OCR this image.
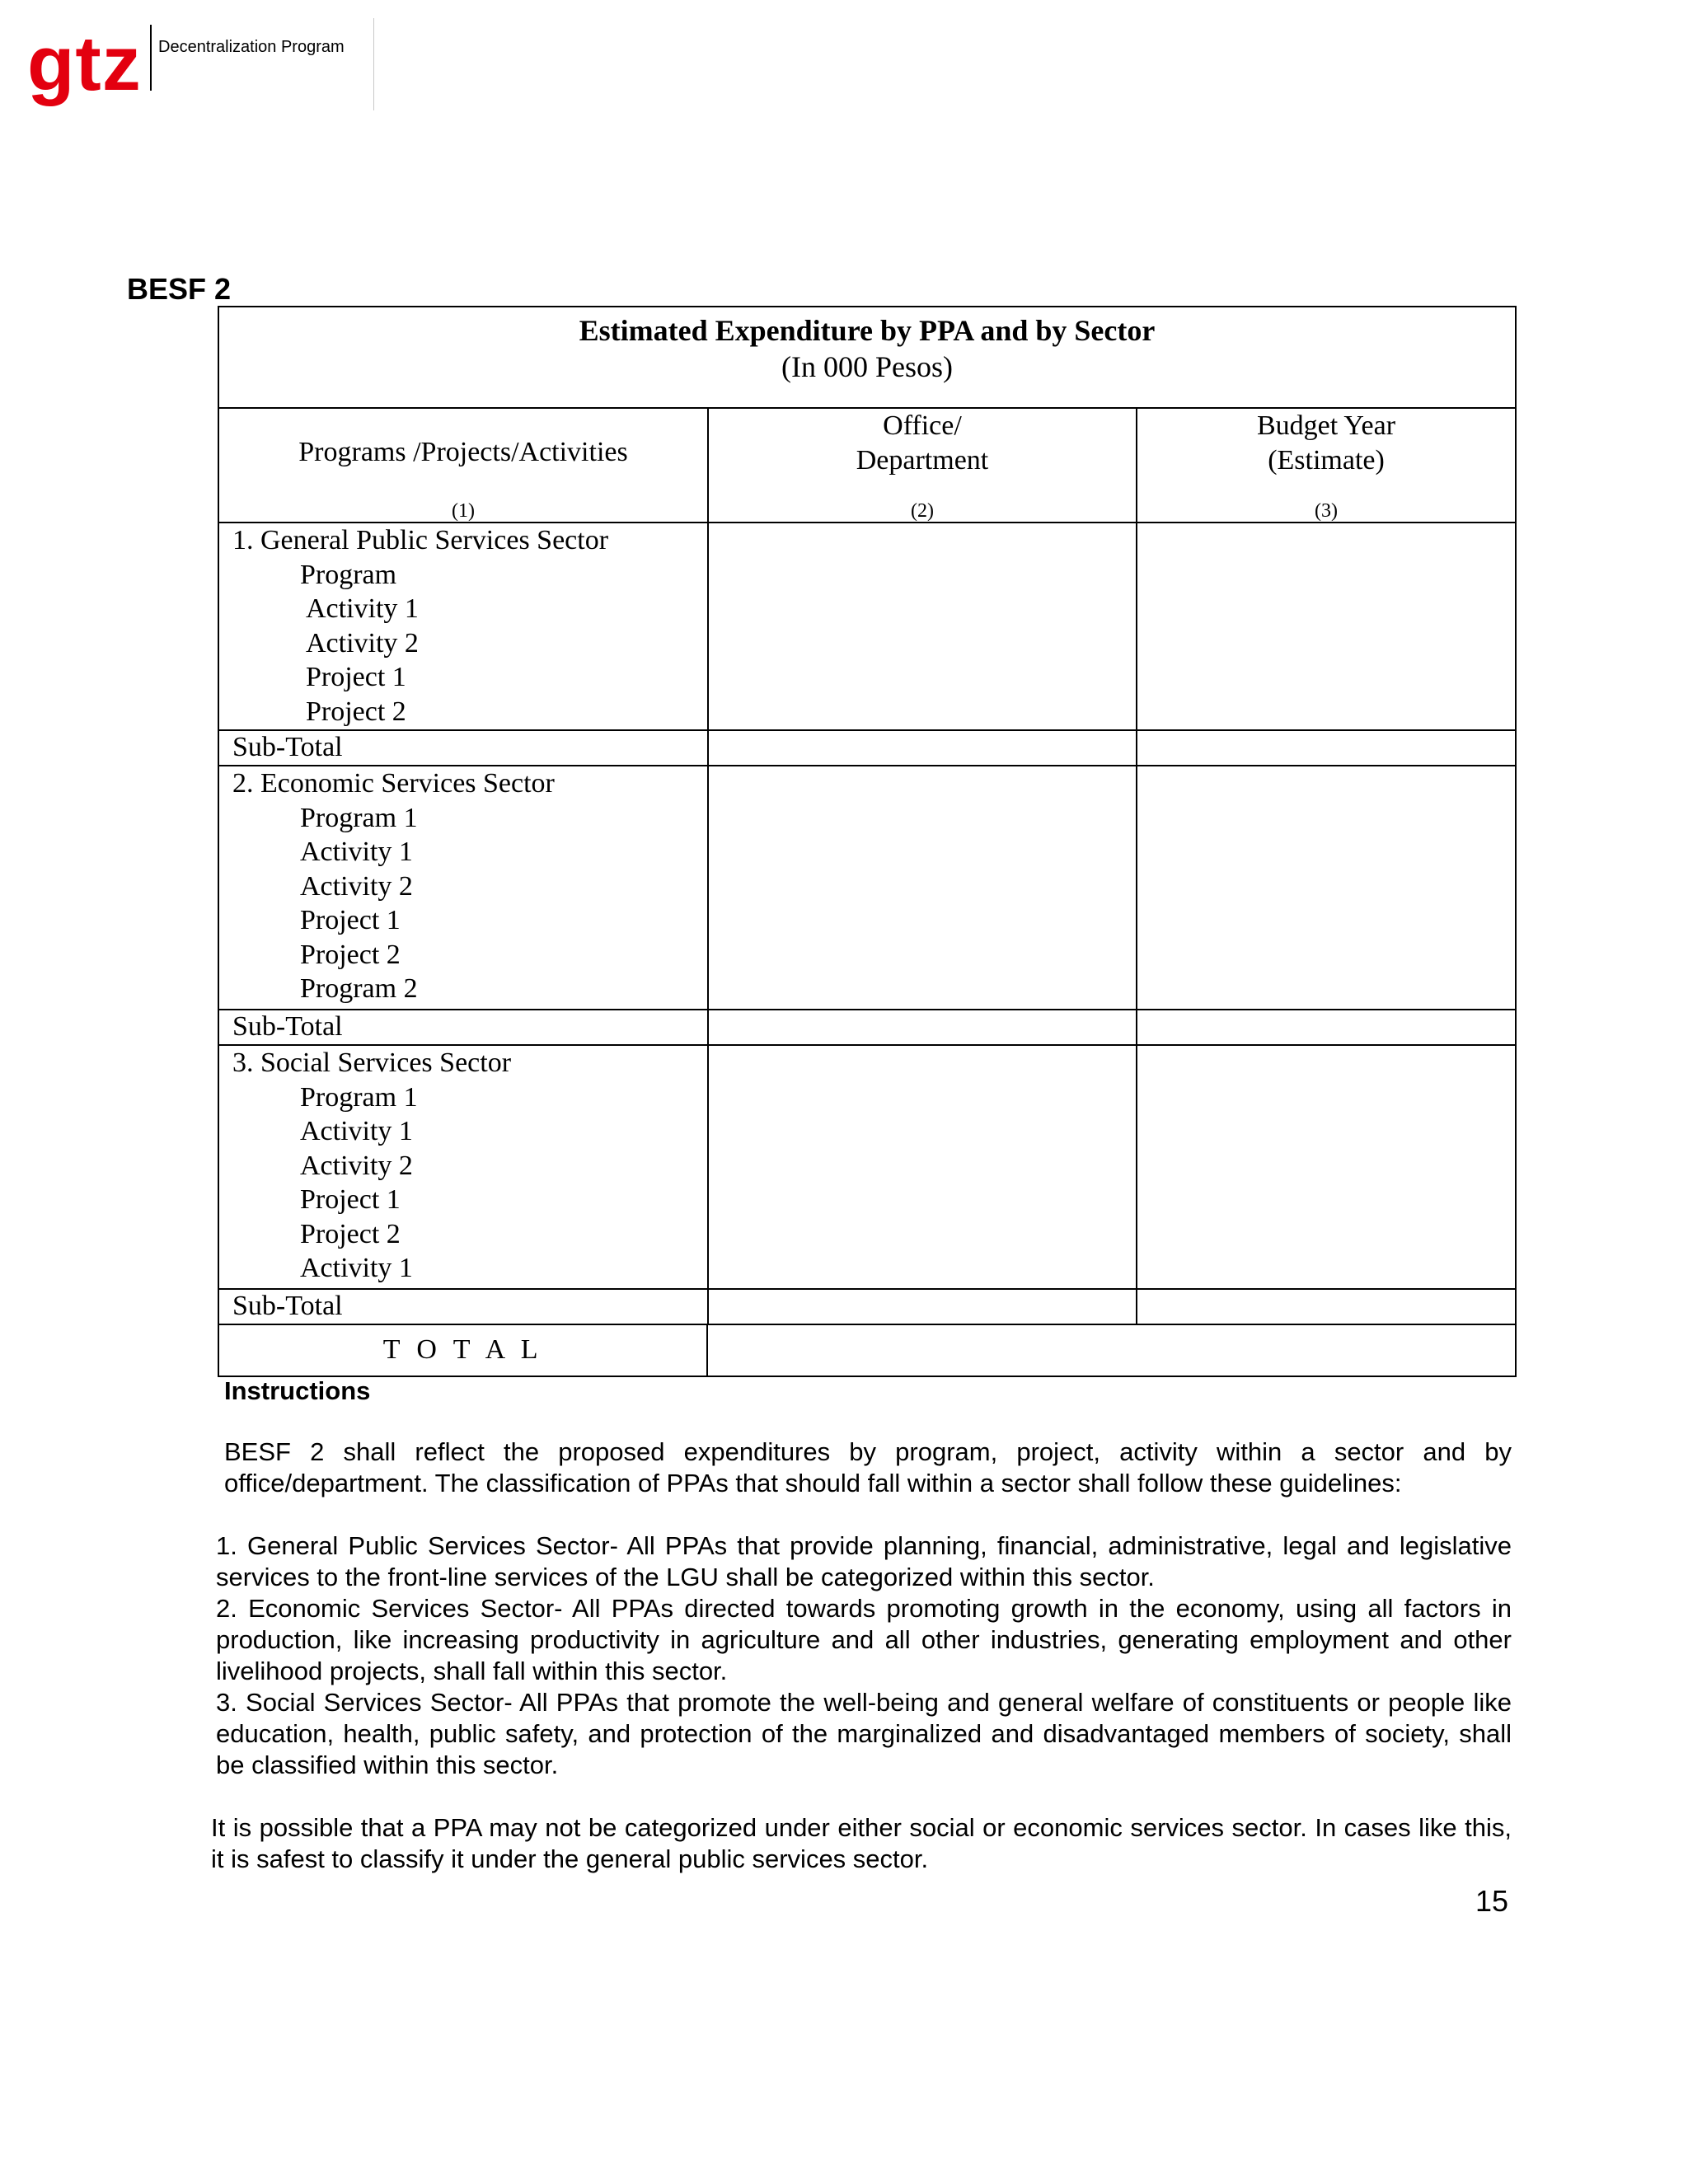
gtz Decentralization Program
BESF 2
Estimated Expenditure by PPA and by Sector
(In 000 Pesos)
Programs /Projects/Activities
(1)
Office/
Department
(2)
Budget Year
(Estimate)
(3)
1. General Public Services Sector
Program
Activity 1
Activity 2
Project 1
Project 2
Sub-Total
2. Economic Services Sector
Program 1
Activity 1
Activity 2
Project 1
Project 2
Program 2
Sub-Total
3. Social Services Sector
Program 1
Activity 1
Activity 2
Project 1
Project 2
Activity 1
Sub-Total
T O T A L
Instructions

BESF 2 shall reflect the proposed expenditures by program, project, activity within a sector and by office/department. The classification of PPAs that should fall within a sector shall follow these guidelines:

1. General Public Services Sector- All PPAs that provide planning, financial, administrative, legal and legislative services to the front-line services of the LGU shall be categorized within this sector.

2. Economic Services Sector- All PPAs directed towards promoting growth in the economy, using all factors in production, like increasing productivity in agriculture and all other industries, generating employment and other livelihood projects, shall fall within this sector.

3. Social Services Sector- All PPAs that promote the well-being and general welfare of constituents or people like education, health, public safety, and protection of the marginalized and disadvantaged members of society, shall be classified within this sector.

It is possible that a PPA may not be categorized under either social or economic services sector. In cases like this, it is safest to classify it under the general public services sector.

15
